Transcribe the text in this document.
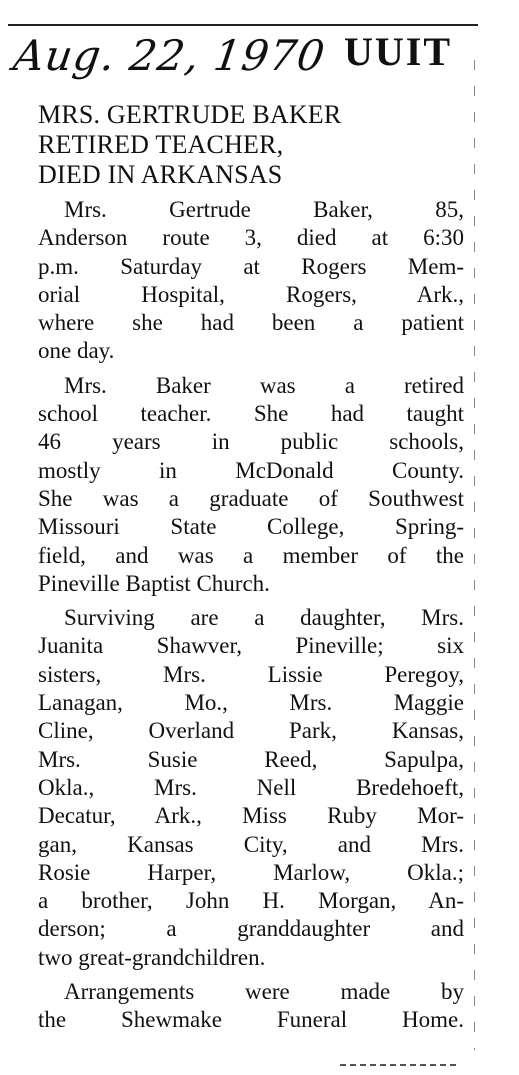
Aug. 22, 1970 UUIT
MRS. GERTRUDE BAKER
RETIRED TEACHER,
DIED IN ARKANSAS
Mrs. Gertrude Baker, 85,
Anderson route 3, died at 6:30
p.m. Saturday at Rogers Mem-
orial Hospital, Rogers, Ark.,
where she had been a patient
one day.
Mrs. Baker was a retired
school teacher. She had taught
46 years in public schools,
mostly in McDonald County.
She was a graduate of Southwest
Missouri State College, Spring-
field, and was a member of the
Pineville Baptist Church.
Surviving are a daughter, Mrs.
Juanita Shawver, Pineville; six
sisters, Mrs. Lissie Peregoy,
Lanagan, Mo., Mrs. Maggie
Cline, Overland Park, Kansas,
Mrs. Susie Reed, Sapulpa,
Okla., Mrs. Nell Bredehoeft,
Decatur, Ark., Miss Ruby Mor-
gan, Kansas City, and Mrs.
Rosie Harper, Marlow, Okla.;
a brother, John H. Morgan, An-
derson; a granddaughter and
two great-grandchildren.
Arrangements were made by
the Shewmake Funeral Home.
